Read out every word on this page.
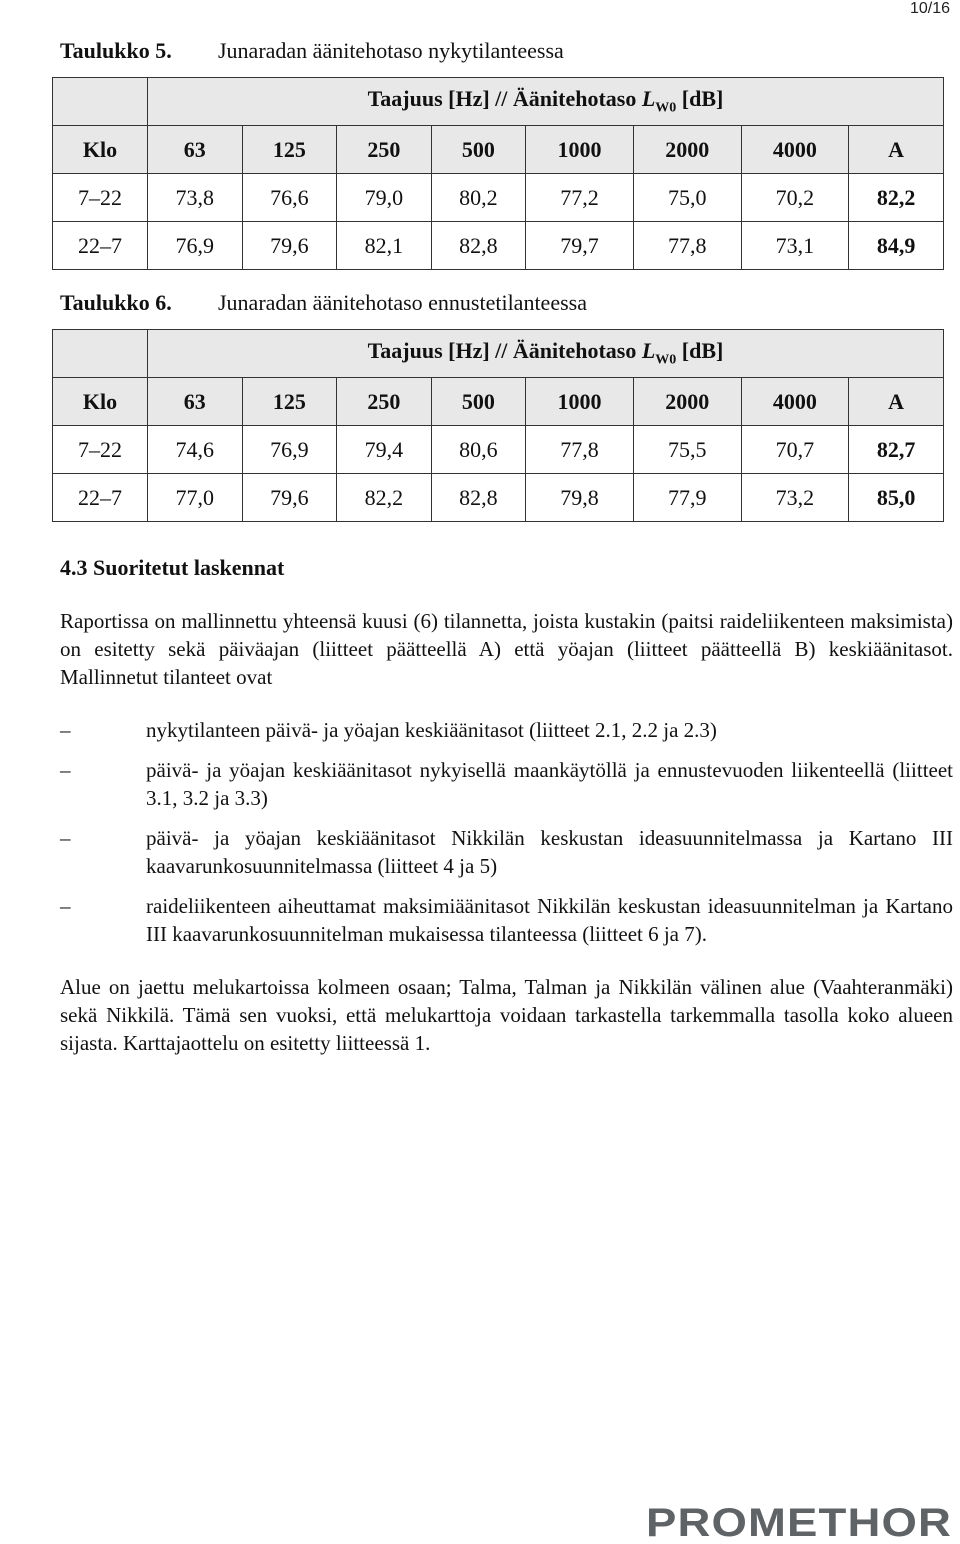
10/16
Taulukko 5.	Junaradan äänitehotaso nykytilanteessa
	Taajuus [Hz] // Äänitehotaso $L_{W0}$ [dB]							
Klo	63	125	250	500	1000	2000	4000	A
7–22	73,8	76,6	79,0	80,2	77,2	75,0	70,2	82,2
22–7	76,9	79,6	82,1	82,8	79,7	77,8	73,1	84,9
Taulukko 6.	Junaradan äänitehotaso ennustetilanteessa
	Taajuus [Hz] // Äänitehotaso $L_{W0}$ [dB]							
Klo	63	125	250	500	1000	2000	4000	A
7–22	74,6	76,9	79,4	80,6	77,8	75,5	70,7	82,7
22–7	77,0	79,6	82,2	82,8	79,8	77,9	73,2	85,0
4.3 Suoritetut laskennat
Raportissa on mallinnettu yhteensä kuusi (6) tilannetta, joista kustakin (paitsi raideliikenteen maksimista) on esitetty sekä päiväajan (liitteet päätteellä A) että yöajan (liitteet päätteellä B) keskiäänitasot. Mallinnetut tilanteet ovat
–	nykytilanteen päivä- ja yöajan keskiäänitasot (liitteet 2.1, 2.2 ja 2.3)
–	päivä- ja yöajan keskiäänitasot nykyisellä maankäytöllä ja ennustevuoden liikenteellä (liitteet 3.1, 3.2 ja 3.3)
–	päivä- ja yöajan keskiäänitasot Nikkilän keskustan ideasuunnitelmassa ja Kartano III kaavarunkosuunnitelmassa (liitteet 4 ja 5)
–	raideliikenteen aiheuttamat maksimiäänitasot Nikkilän keskustan ideasuunnitelman ja Kartano III kaavarunkosuunnitelman mukaisessa tilanteessa (liitteet 6 ja 7).
Alue on jaettu melukartoissa kolmeen osaan; Talma, Talman ja Nikkilän välinen alue (Vaahteranmäki) sekä Nikkilä. Tämä sen vuoksi, että melukarttoja voidaan tarkastella tarkemmalla tasolla koko alueen sijasta. Karttajaottelu on esitetty liitteessä 1.
PROMETHOR
